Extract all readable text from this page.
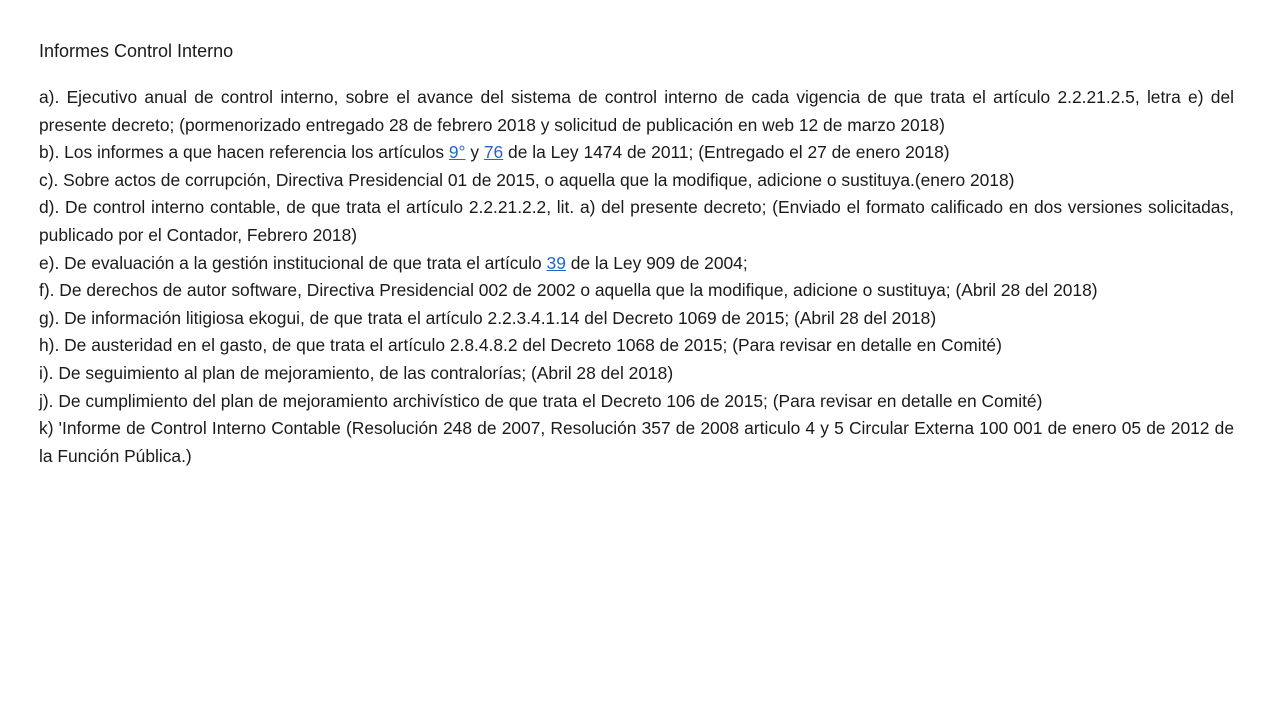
Informes Control Interno

a). Ejecutivo anual de control interno, sobre el avance del sistema de control interno de cada vigencia de que trata el artículo 2.2.21.2.5, letra e) del presente decreto; (pormenorizado entregado 28 de febrero 2018 y solicitud de publicación en web 12 de marzo 2018)

b). Los informes a que hacen referencia los artículos 9° y 76 de la Ley 1474 de 2011; (Entregado el 27 de enero 2018)

c). Sobre actos de corrupción, Directiva Presidencial 01 de 2015, o aquella que la modifique, adicione o sustituya.(enero 2018)

d). De control interno contable, de que trata el artículo 2.2.21.2.2, lit. a) del presente decreto; (Enviado el formato calificado en dos versiones solicitadas, publicado por el Contador, Febrero 2018)

e). De evaluación a la gestión institucional de que trata el artículo 39 de la Ley 909 de 2004;

f). De derechos de autor software, Directiva Presidencial 002 de 2002 o aquella que la modifique, adicione o sustituya; (Abril 28 del 2018)

g). De información litigiosa ekogui, de que trata el artículo 2.2.3.4.1.14 del Decreto 1069 de 2015; (Abril 28 del 2018)

h). De austeridad en el gasto, de que trata el artículo 2.8.4.8.2 del Decreto 1068 de 2015; (Para revisar en detalle en Comité)

i). De seguimiento al plan de mejoramiento, de las contralorías; (Abril 28 del 2018)

j). De cumplimiento del plan de mejoramiento archivístico de que trata el Decreto 106 de 2015; (Para revisar en detalle en Comité)

k) 'Informe de Control Interno Contable (Resolución 248 de 2007, Resolución 357 de 2008 articulo 4 y 5 Circular Externa 100 001 de enero 05 de 2012 de la Función Pública.)
